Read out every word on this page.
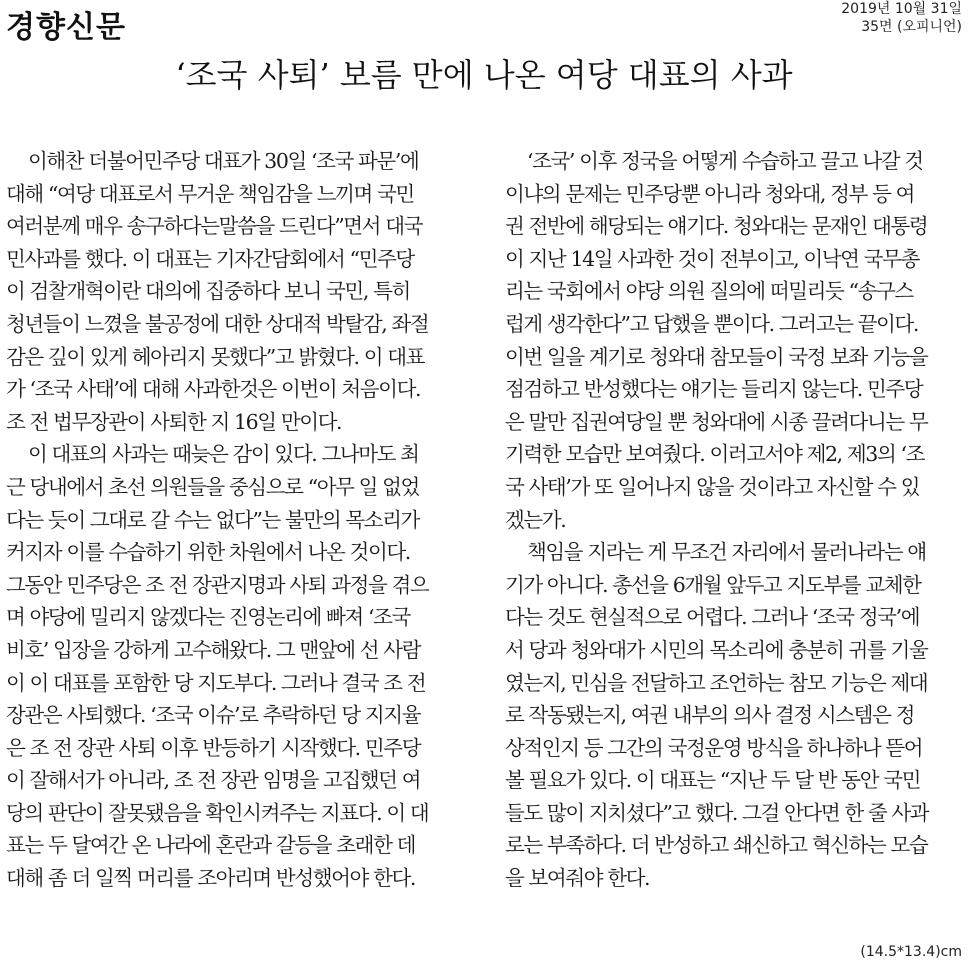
경향신문
2019년 10월 31일
35면 (오피니언)
‘조국 사퇴’ 보름 만에 나온 여당 대표의 사과
이해찬 더불어민주당 대표가 30일 ‘조국 파문’에
대해 “여당 대표로서 무거운 책임감을 느끼며 국민
여러분께 매우 송구하다는말씀을 드린다”면서 대국
민사과를 했다. 이 대표는 기자간담회에서 “민주당
이 검찰개혁이란 대의에 집중하다 보니 국민, 특히
청년들이 느꼈을 불공정에 대한 상대적 박탈감, 좌절
감은 깊이 있게 헤아리지 못했다”고 밝혔다. 이 대표
가 ‘조국 사태’에 대해 사과한것은 이번이 처음이다.
조 전 법무장관이 사퇴한 지 16일 만이다.
이 대표의 사과는 때늦은 감이 있다. 그나마도 최
근 당내에서 초선 의원들을 중심으로 “아무 일 없었
다는 듯이 그대로 갈 수는 없다”는 불만의 목소리가
커지자 이를 수습하기 위한 차원에서 나온 것이다.
그동안 민주당은 조 전 장관지명과 사퇴 과정을 겪으
며 야당에 밀리지 않겠다는 진영논리에 빠져 ‘조국
비호’ 입장을 강하게 고수해왔다. 그 맨앞에 선 사람
이 이 대표를 포함한 당 지도부다. 그러나 결국 조 전
장관은 사퇴했다. ‘조국 이슈’로 추락하던 당 지지율
은 조 전 장관 사퇴 이후 반등하기 시작했다. 민주당
이 잘해서가 아니라, 조 전 장관 임명을 고집했던 여
당의 판단이 잘못됐음을 확인시켜주는 지표다. 이 대
표는 두 달여간 온 나라에 혼란과 갈등을 초래한 데
대해 좀 더 일찍 머리를 조아리며 반성했어야 한다.
‘조국’ 이후 정국을 어떻게 수습하고 끌고 나갈 것
이냐의 문제는 민주당뿐 아니라 청와대, 정부 등 여
권 전반에 해당되는 얘기다. 청와대는 문재인 대통령
이 지난 14일 사과한 것이 전부이고, 이낙연 국무총
리는 국회에서 야당 의원 질의에 떠밀리듯 “송구스
럽게 생각한다”고 답했을 뿐이다. 그러고는 끝이다.
이번 일을 계기로 청와대 참모들이 국정 보좌 기능을
점검하고 반성했다는 얘기는 들리지 않는다. 민주당
은 말만 집권여당일 뿐 청와대에 시종 끌려다니는 무
기력한 모습만 보여줬다. 이러고서야 제2, 제3의 ‘조
국 사태’가 또 일어나지 않을 것이라고 자신할 수 있
겠는가.
책임을 지라는 게 무조건 자리에서 물러나라는 얘
기가 아니다. 총선을 6개월 앞두고 지도부를 교체한
다는 것도 현실적으로 어렵다. 그러나 ‘조국 정국’에
서 당과 청와대가 시민의 목소리에 충분히 귀를 기울
였는지, 민심을 전달하고 조언하는 참모 기능은 제대
로 작동됐는지, 여권 내부의 의사 결정 시스템은 정
상적인지 등 그간의 국정운영 방식을 하나하나 뜯어
볼 필요가 있다. 이 대표는 “지난 두 달 반 동안 국민
들도 많이 지치셨다”고 했다. 그걸 안다면 한 줄 사과
로는 부족하다. 더 반성하고 쇄신하고 혁신하는 모습
을 보여줘야 한다.
(14.5*13.4)cm
